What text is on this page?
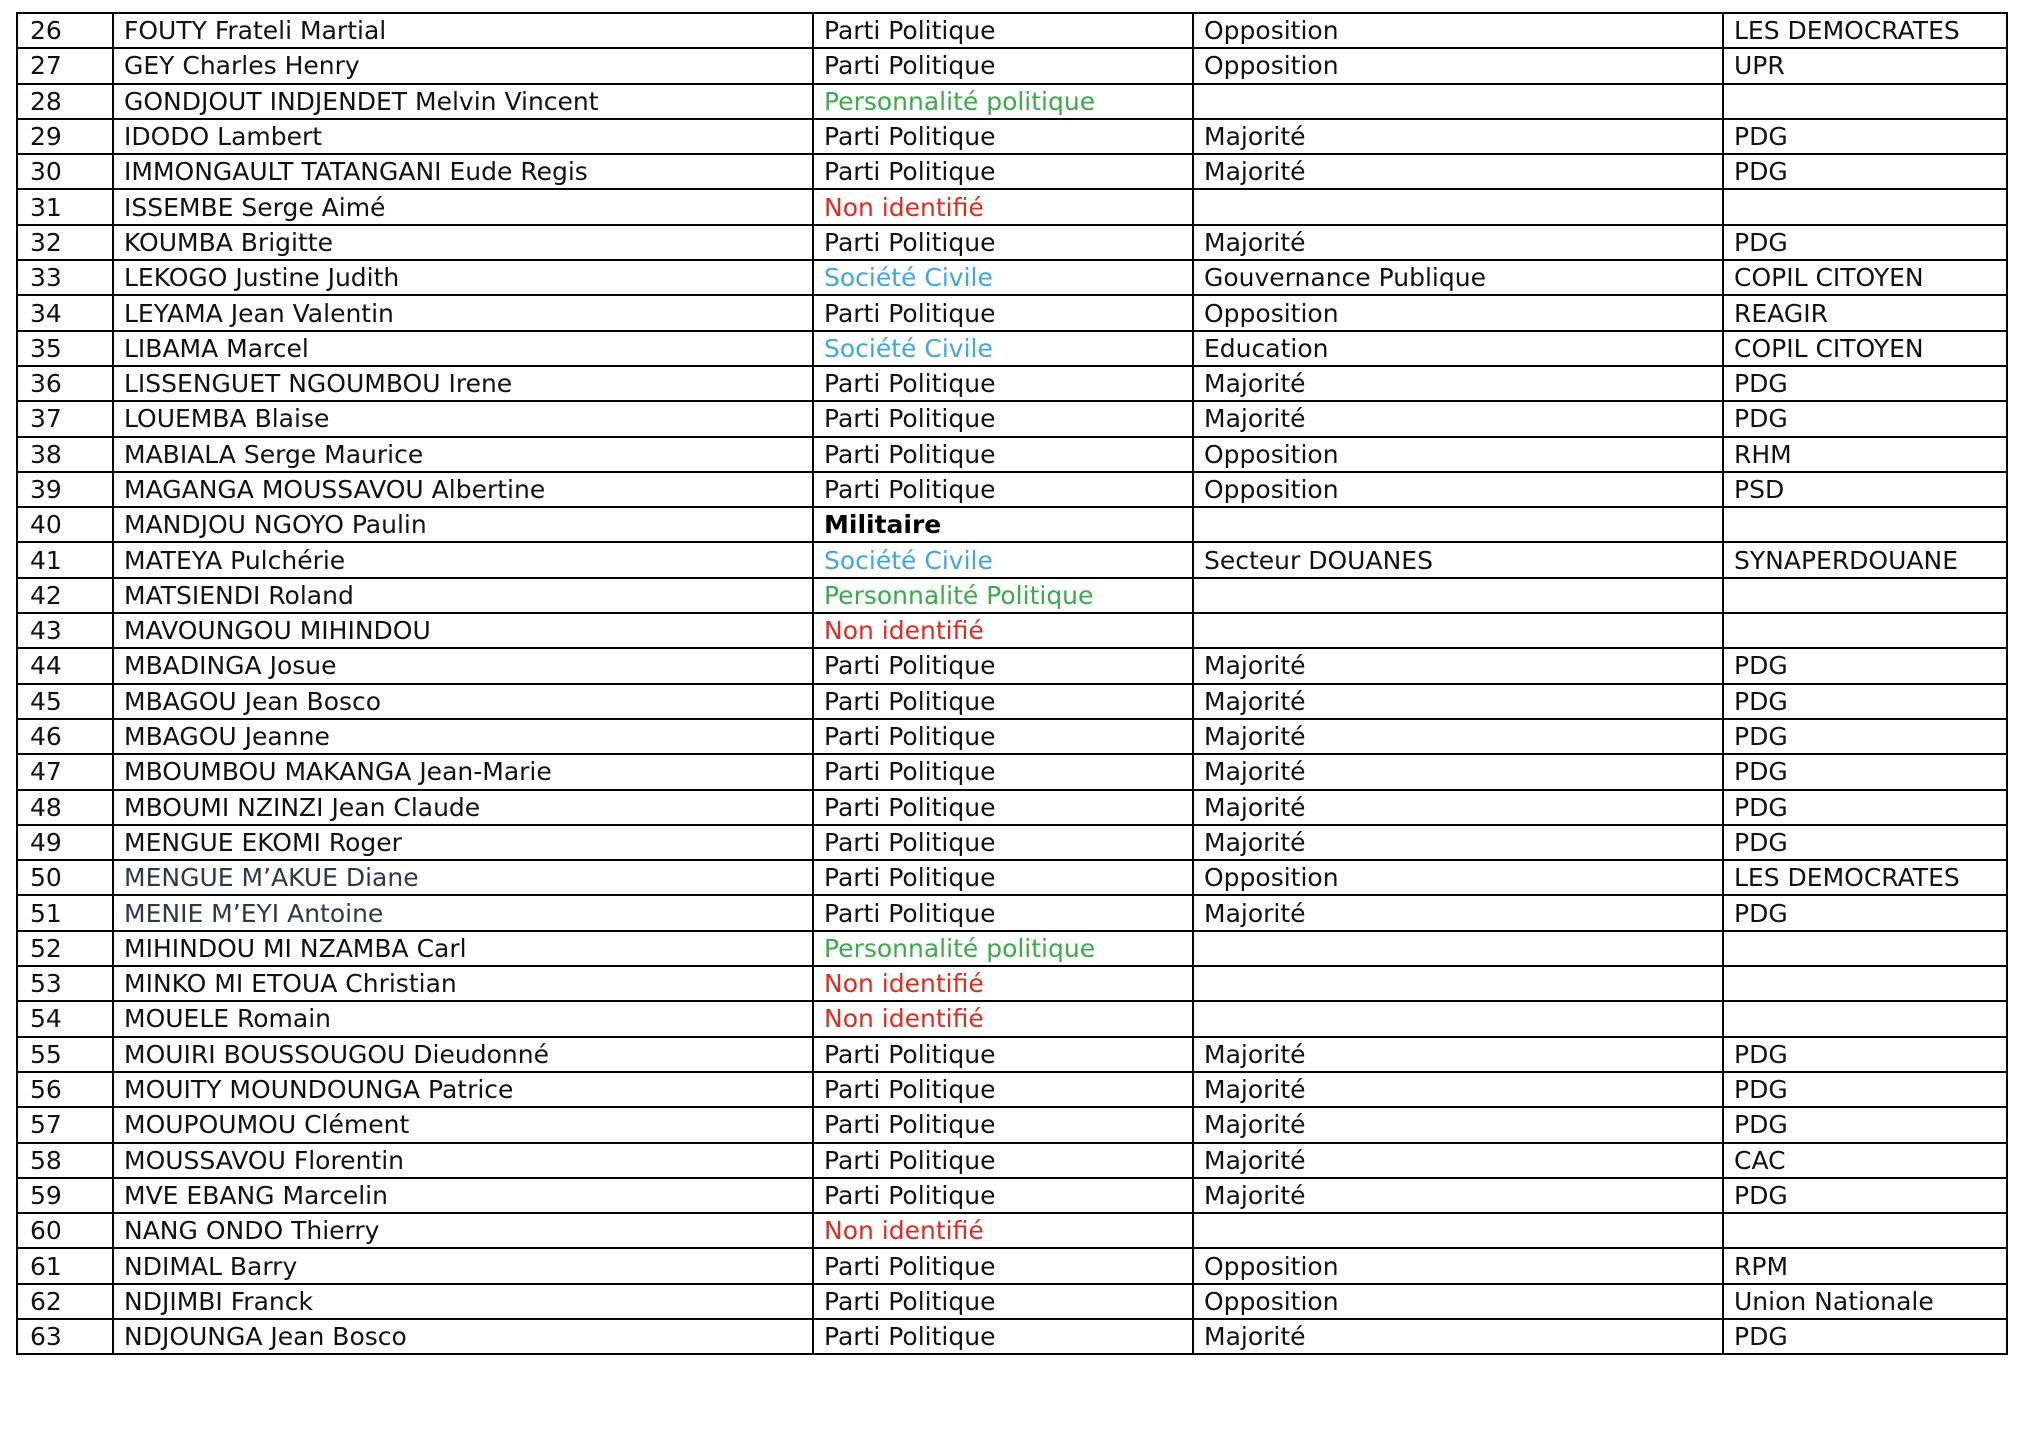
26	FOUTY Frateli Martial	Parti Politique	Opposition	LES DEMOCRATES
27	GEY Charles Henry	Parti Politique	Opposition	UPR
28	GONDJOUT INDJENDET Melvin Vincent	Personnalité politique		
29	IDODO Lambert	Parti Politique	Majorité	PDG
30	IMMONGAULT TATANGANI Eude Regis	Parti Politique	Majorité	PDG
31	ISSEMBE Serge Aimé	Non identifié		
32	KOUMBA Brigitte	Parti Politique	Majorité	PDG
33	LEKOGO Justine Judith	Société Civile	Gouvernance Publique	COPIL CITOYEN
34	LEYAMA Jean Valentin	Parti Politique	Opposition	REAGIR
35	LIBAMA Marcel	Société Civile	Education	COPIL CITOYEN
36	LISSENGUET NGOUMBOU Irene	Parti Politique	Majorité	PDG
37	LOUEMBA Blaise	Parti Politique	Majorité	PDG
38	MABIALA Serge Maurice	Parti Politique	Opposition	RHM
39	MAGANGA MOUSSAVOU Albertine	Parti Politique	Opposition	PSD
40	MANDJOU NGOYO Paulin	Militaire		
41	MATEYA Pulchérie	Société Civile	Secteur DOUANES	SYNAPERDOUANE
42	MATSIENDI Roland	Personnalité Politique		
43	MAVOUNGOU MIHINDOU	Non identifié		
44	MBADINGA Josue	Parti Politique	Majorité	PDG
45	MBAGOU Jean Bosco	Parti Politique	Majorité	PDG
46	MBAGOU Jeanne	Parti Politique	Majorité	PDG
47	MBOUMBOU MAKANGA Jean-Marie	Parti Politique	Majorité	PDG
48	MBOUMI NZINZI Jean Claude	Parti Politique	Majorité	PDG
49	MENGUE EKOMI Roger	Parti Politique	Majorité	PDG
50	MENGUE M’AKUE Diane	Parti Politique	Opposition	LES DEMOCRATES
51	MENIE M’EYI Antoine	Parti Politique	Majorité	PDG
52	MIHINDOU MI NZAMBA Carl	Personnalité politique		
53	MINKO MI ETOUA Christian	Non identifié		
54	MOUELE Romain	Non identifié		
55	MOUIRI BOUSSOUGOU Dieudonné	Parti Politique	Majorité	PDG
56	MOUITY MOUNDOUNGA Patrice	Parti Politique	Majorité	PDG
57	MOUPOUMOU Clément	Parti Politique	Majorité	PDG
58	MOUSSAVOU Florentin	Parti Politique	Majorité	CAC
59	MVE EBANG Marcelin	Parti Politique	Majorité	PDG
60	NANG ONDO Thierry	Non identifié		
61	NDIMAL Barry	Parti Politique	Opposition	RPM
62	NDJIMBI Franck	Parti Politique	Opposition	Union Nationale
63	NDJOUNGA Jean Bosco	Parti Politique	Majorité	PDG
